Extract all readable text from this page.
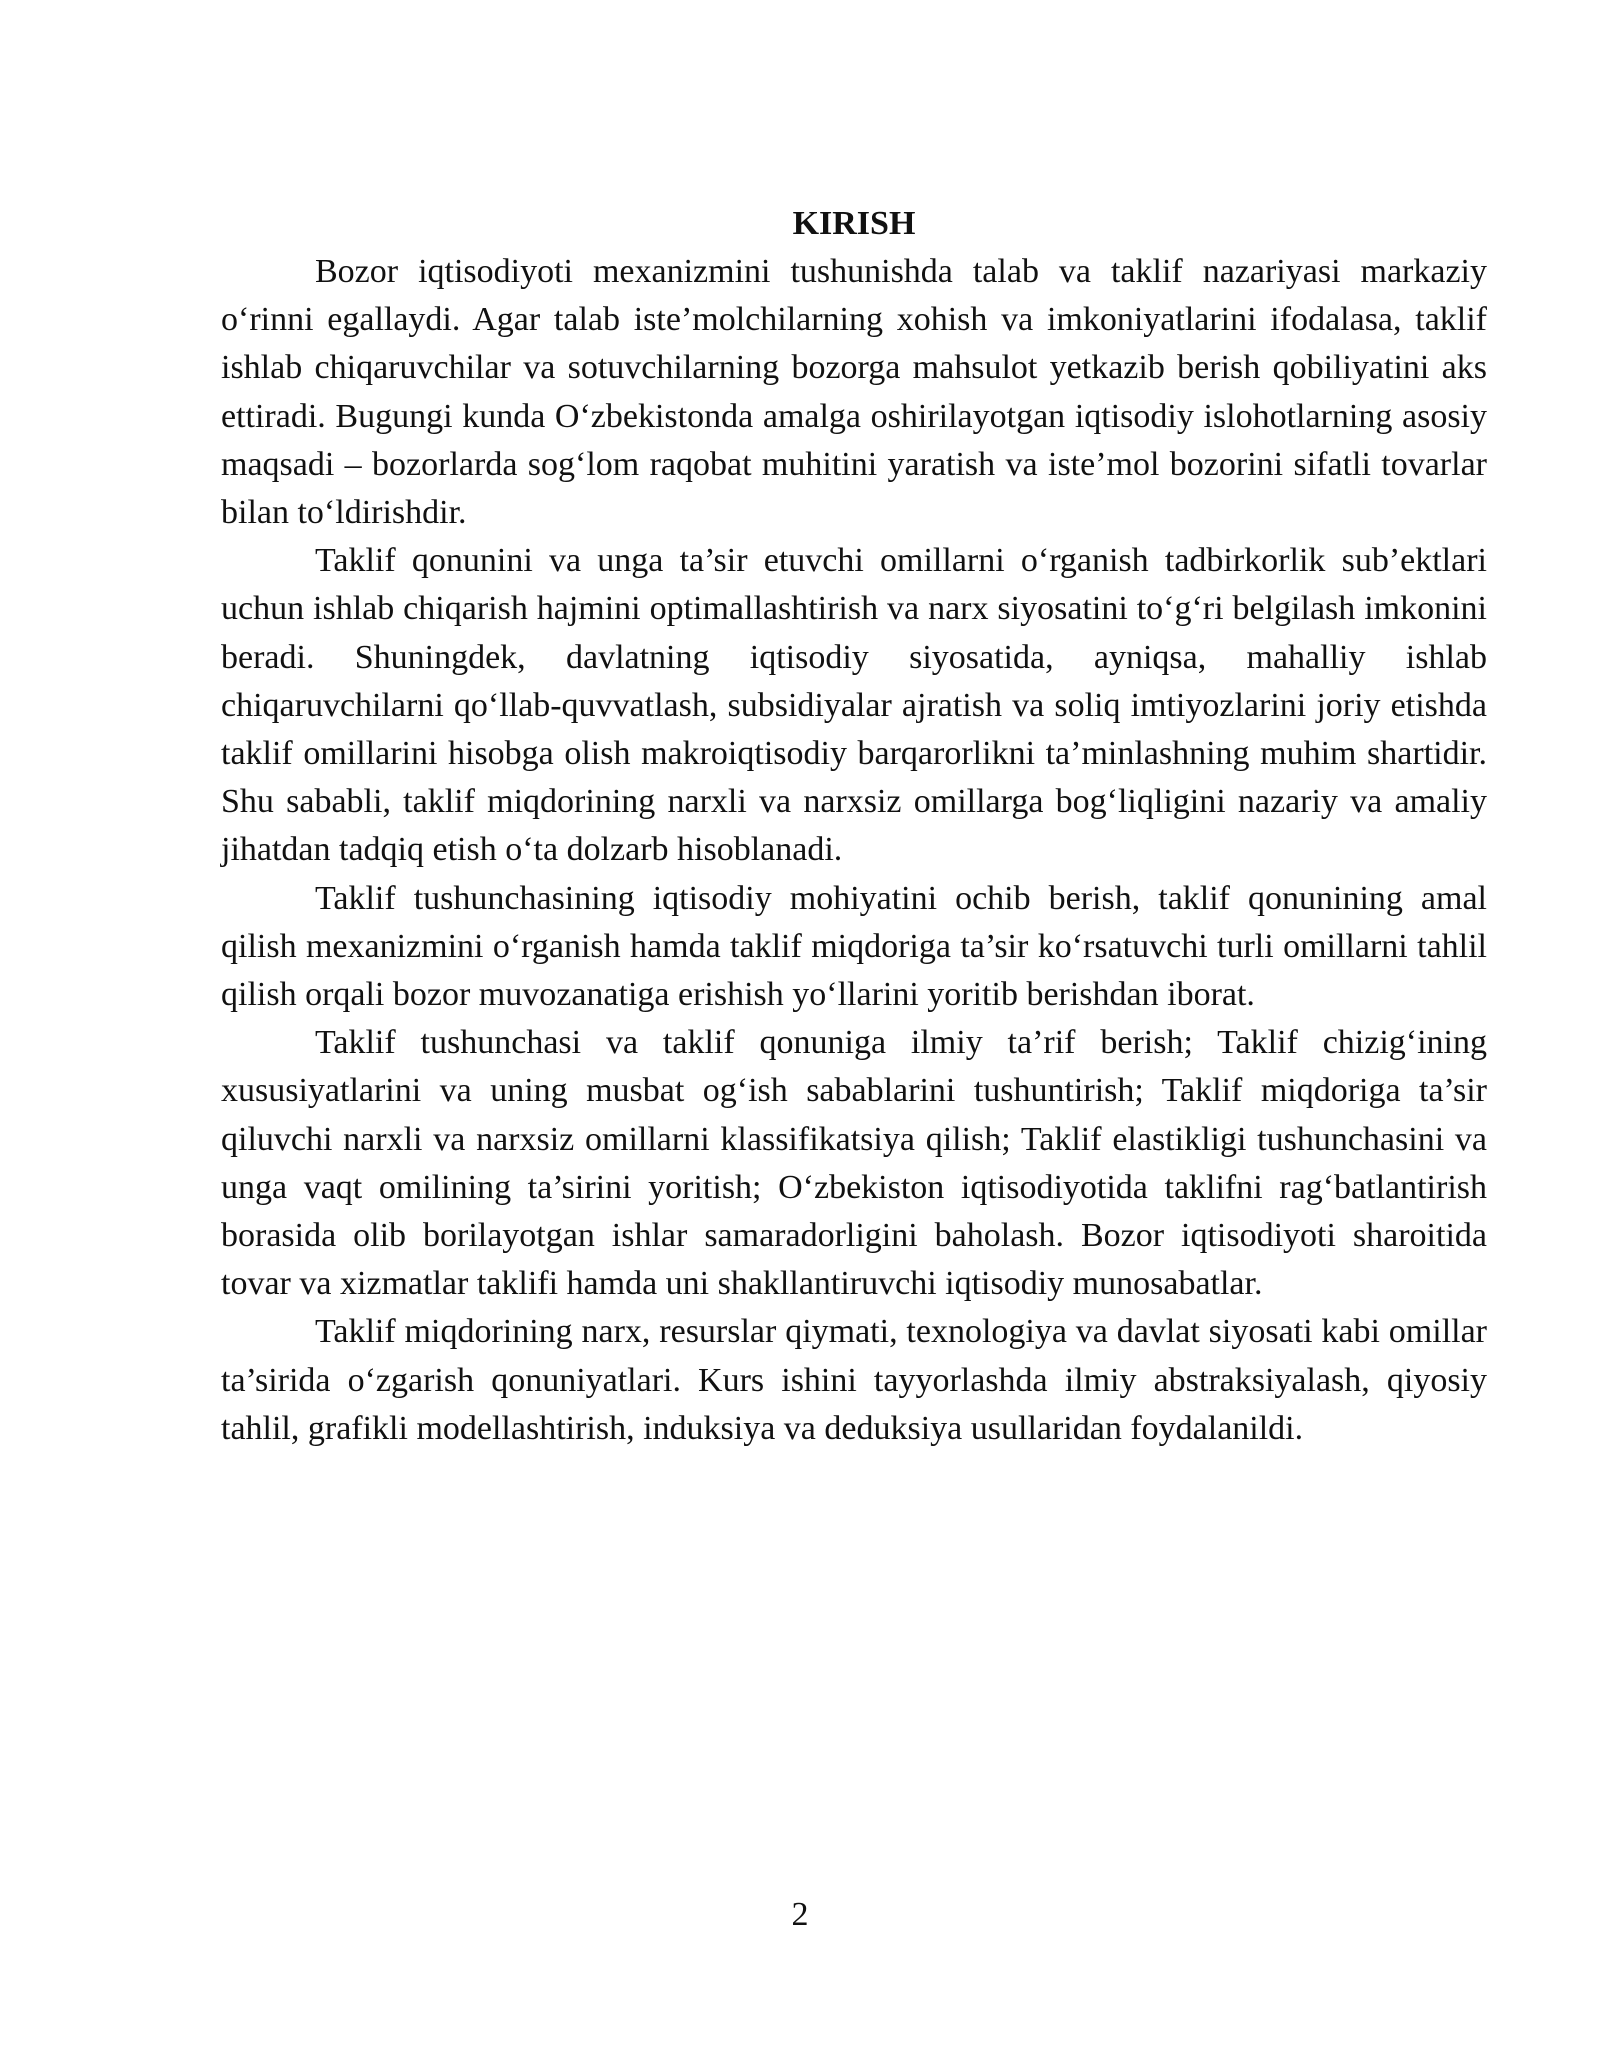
KIRISH

Bozor iqtisodiyoti mexanizmini tushunishda talab va taklif nazariyasi markaziy o‘rinni egallaydi. Agar talab iste’molchilarning xohish va imkoniyatlarini ifodalasa, taklif ishlab chiqaruvchilar va sotuvchilarning bozorga mahsulot yetkazib berish qobiliyatini aks ettiradi. Bugungi kunda O‘zbekistonda amalga oshirilayotgan iqtisodiy islohotlarning asosiy maqsadi – bozorlarda sog‘lom raqobat muhitini yaratish va iste’mol bozorini sifatli tovarlar bilan to‘ldirishdir.

Taklif qonunini va unga ta’sir etuvchi omillarni o‘rganish tadbirkorlik sub’ektlari uchun ishlab chiqarish hajmini optimallashtirish va narx siyosatini to‘g‘ri belgilash imkonini beradi. Shuningdek, davlatning iqtisodiy siyosatida, ayniqsa, mahalliy ishlab chiqaruvchilarni qo‘llab-quvvatlash, subsidiyalar ajratish va soliq imtiyozlarini joriy etishda taklif omillarini hisobga olish makroiqtisodiy barqarorlikni ta’minlashning muhim shartidir. Shu sababli, taklif miqdorining narxli va narxsiz omillarga bog‘liqligini nazariy va amaliy jihatdan tadqiq etish o‘ta dolzarb hisoblanadi.

Taklif tushunchasining iqtisodiy mohiyatini ochib berish, taklif qonunining amal qilish mexanizmini o‘rganish hamda taklif miqdoriga ta’sir ko‘rsatuvchi turli omillarni tahlil qilish orqali bozor muvozanatiga erishish yo‘llarini yoritib berishdan iborat.

Taklif tushunchasi va taklif qonuniga ilmiy ta’rif berish; Taklif chizig‘ining xususiyatlarini va uning musbat og‘ish sabablarini tushuntirish; Taklif miqdoriga ta’sir qiluvchi narxli va narxsiz omillarni klassifikatsiya qilish; Taklif elastikligi tushunchasini va unga vaqt omilining ta’sirini yoritish; O‘zbekiston iqtisodiyotida taklifni rag‘batlantirish borasida olib borilayotgan ishlar samaradorligini baholash. Bozor iqtisodiyoti sharoitida tovar va xizmatlar taklifi hamda uni shakllantiruvchi iqtisodiy munosabatlar.

Taklif miqdorining narx, resurslar qiymati, texnologiya va davlat siyosati kabi omillar ta’sirida o‘zgarish qonuniyatlari. Kurs ishini tayyorlashda ilmiy abstraksiyalash, qiyosiy tahlil, grafikli modellashtirish, induksiya va deduksiya usullaridan foydalanildi.

2
